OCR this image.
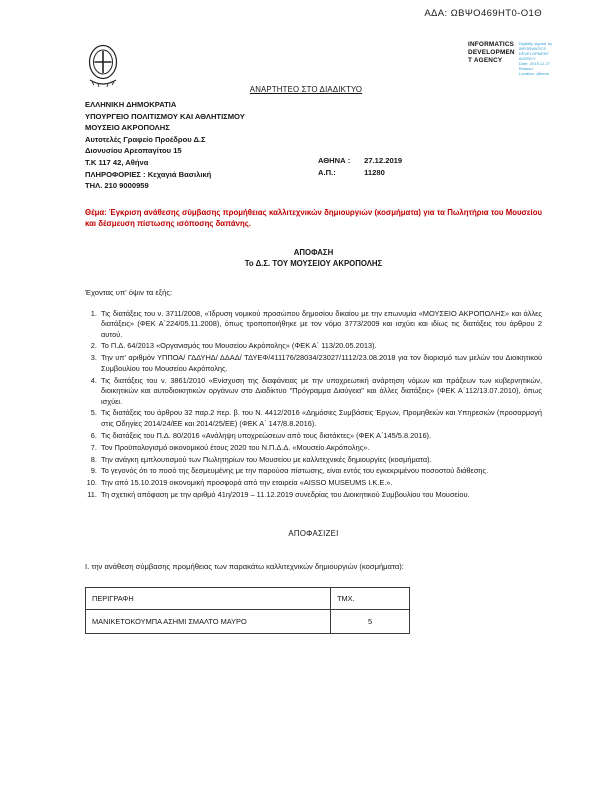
ΑΔΑ: ΩΒΨΟ469ΗΤ0-Ο1Θ
INFORMATICS
DEVELOPMEN
T AGENCY
Digitally signed by
INFORMATICS
DEVELOPMENT AGENCY
Date: 2019.12.27
Reason:
Location: Athens
ΑΝΑΡΤΗΤΕΟ ΣΤΟ ΔΙΑΔΙΚΤΥΟ
ΕΛΛΗΝΙΚΗ ΔΗΜΟΚΡΑΤΙΑ
ΥΠΟΥΡΓΕΙΟ ΠΟΛΙΤΙΣΜΟΥ ΚΑΙ ΑΘΛΗΤΙΣΜΟΥ
ΜΟΥΣΕΙΟ ΑΚΡΟΠΟΛΗΣ
Αυτοτελές Γραφείο Προέδρου Δ.Σ
Διονυσίου Αρεοπαγίτου 15
Τ.Κ 117 42, Αθήνα
ΠΛΗΡΟΦΟΡΙΕΣ : Κεχαγιά Βασιλική
ΤΗΛ. 210 9000959
ΑΘΗΝΑ : 27.12.2019
Α.Π.:	11280

Θέμα: Έγκριση ανάθεσης σύμβασης προμήθειας καλλιτεχνικών δημιουργιών (κοσμήματα) για τα Πωλητήρια του Μουσείου και δέσμευση πίστωσης ισόποσης δαπάνης.

ΑΠΟΦΑΣΗ
Το Δ.Σ. ΤΟΥ ΜΟΥΣΕΙΟΥ ΑΚΡΟΠΟΛΗΣ
Έχοντας υπ' όψιν τα εξής:
1. Τις διατάξεις του ν. 3711/2008, «Ίδρυση νομικού προσώπου δημοσίου δικαίου με την επωνυμία «ΜΟΥΣΕΙΟ ΑΚΡΟΠΟΛΗΣ» και άλλες διατάξεις» (ΦΕΚ Α΄224/05.11.2008), όπως τροποποιήθηκε με τον νόμο 3773/2009 και ισχύει και ιδίως τις διατάξεις του άρθρου 2 αυτού.
2. Το Π.Δ. 64/2013 «Οργανισμός του Μουσείου Ακρόπολης» (ΦΕΚ Α΄ 113/20.05.2013).
3. Την υπ' αριθμόν ΥΠΠΟΑ/ ΓΔΔΥΗΔ/ ΔΔΑΔ/ ΤΔΥΕΦ/411176/28034/23027/1112/23.08.2018 για τον διορισμό των μελών του Διοικητικού Συμβουλίου του Μουσείου Ακρόπολης.
4. Τις διατάξεις του ν. 3861/2010 «Ενίσχυση της διαφάνειας με την υποχρεωτική ανάρτηση νόμων και πράξεων των κυβερνητικών, διοικητικών και αυτοδιοικητικών οργάνων στο Διαδίκτυο "Πρόγραμμα Διαύγεια" και άλλες διατάξεις» (ΦΕΚ Α΄112/13.07.2010), όπως ισχύει.
5. Τις διατάξεις του άρθρου 32 παρ.2 περ. β. του Ν. 4412/2016 «Δημόσιες Συμβάσεις Έργων, Προμηθειών και Υπηρεσιών (προσαρμογή στις Οδηγίες 2014/24/ΕΕ και 2014/25/ΕΕ) (ΦΕΚ Α΄ 147/8.8.2016).
6. Τις διατάξεις του Π.Δ. 80/2016 «Ανάληψη υποχρεώσεων από τους διατάκτες» (ΦΕΚ Α΄145/5.8.2016).
7. Τον Προϋπολογισμό οικονομικού έτους 2020 του Ν.Π.Δ.Δ. «Μουσείο Ακρόπολης».
8. Την ανάγκη εμπλουτισμού των Πωλητηρίων του Μουσείου με καλλιτεχνικές δημιουργίες (κοσμήματα).
9. Το γεγονός ότι το ποσό της δεσμευμένης με την παρούσα πίστωσης, είναι εντός του εγκεκριμένου ποσοστού διάθεσης.
10. Την από 15.10.2019 οικονομική προσφορά από την εταιρεία «AISSO MUSEUMS Ι.Κ.Ε.».
11. Τη σχετική απόφαση με την αριθμό 41η/2019 – 11.12.2019 συνεδρίας του Διοικητικού Συμβουλίου του Μουσείου.
ΑΠΟΦΑΣΙΖΕΙ
Ι. την ανάθεση σύμβασης προμήθειας των παρακάτω καλλιτεχνικών δημιουργιών (κοσμήματα):
ΠΕΡΙΓΡΑΦΗ	ΤΜΧ.
ΜΑΝΙΚΕΤΟΚΟΥΜΠΑ ΑΣΗΜΙ ΣΜΑΛΤΟ ΜΑΥΡΟ	5
